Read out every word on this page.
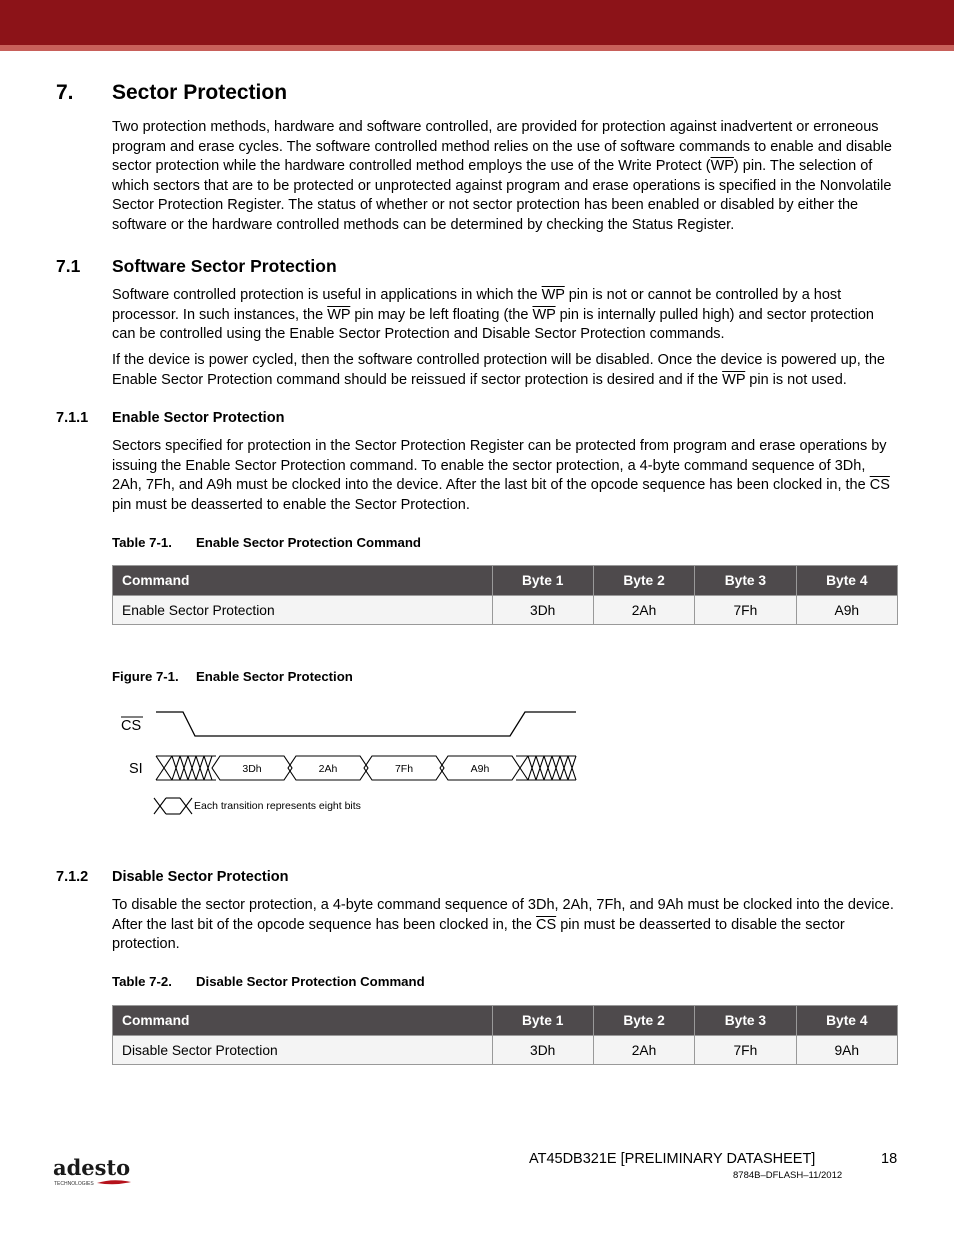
7. Sector Protection

Two protection methods, hardware and software controlled, are provided for protection against inadvertent or erroneous program and erase cycles. The software controlled method relies on the use of software commands to enable and disable sector protection while the hardware controlled method employs the use of the Write Protect $(\overline{WP})$ pin. The selection of which sectors that are to be protected or unprotected against program and erase operations is specified in the Nonvolatile Sector Protection Register. The status of whether or not sector protection has been enabled or disabled by either the software or the hardware controlled methods can be determined by checking the Status Register.

7.1 Software Sector Protection

Software controlled protection is useful in applications in which the $\overline{WP}$ pin is not or cannot be controlled by a host processor. In such instances, the $\overline{WP}$ pin may be left floating (the $\overline{WP}$ pin is internally pulled high) and sector protection can be controlled using the Enable Sector Protection and Disable Sector Protection commands.

If the device is power cycled, then the software controlled protection will be disabled. Once the device is powered up, the Enable Sector Protection command should be reissued if sector protection is desired and if the $\overline{WP}$ pin is not used.

7.1.1 Enable Sector Protection

Sectors specified for protection in the Sector Protection Register can be protected from program and erase operations by issuing the Enable Sector Protection command. To enable the sector protection, a 4-byte command sequence of 3Dh, 2Ah, 7Fh, and A9h must be clocked into the device. After the last bit of the opcode sequence has been clocked in, the $\overline{CS}$ pin must be deasserted to enable the Sector Protection.

Table 7-1. Enable Sector Protection Command
Command	Byte 1	Byte 2	Byte 3	Byte 4
Enable Sector Protection	3Dh	2Ah	7Fh	A9h
Figure 7-1. Enable Sector Protection
CS
SI	3Dh	2Ah	7Fh	A9h
Each transition represents eight bits
7.1.2 Disable Sector Protection

To disable the sector protection, a 4-byte command sequence of 3Dh, 2Ah, 7Fh, and 9Ah must be clocked into the device. After the last bit of the opcode sequence has been clocked in, the $\overline{CS}$ pin must be deasserted to disable the sector protection.

Table 7-2. Disable Sector Protection Command
Command	Byte 1	Byte 2	Byte 3	Byte 4
Disable Sector Protection	3Dh	2Ah	7Fh	9Ah
adesto
TECHNOLOGIES
AT45DB321E [PRELIMINARY DATASHEET]	18
8784B–DFLASH–11/2012
